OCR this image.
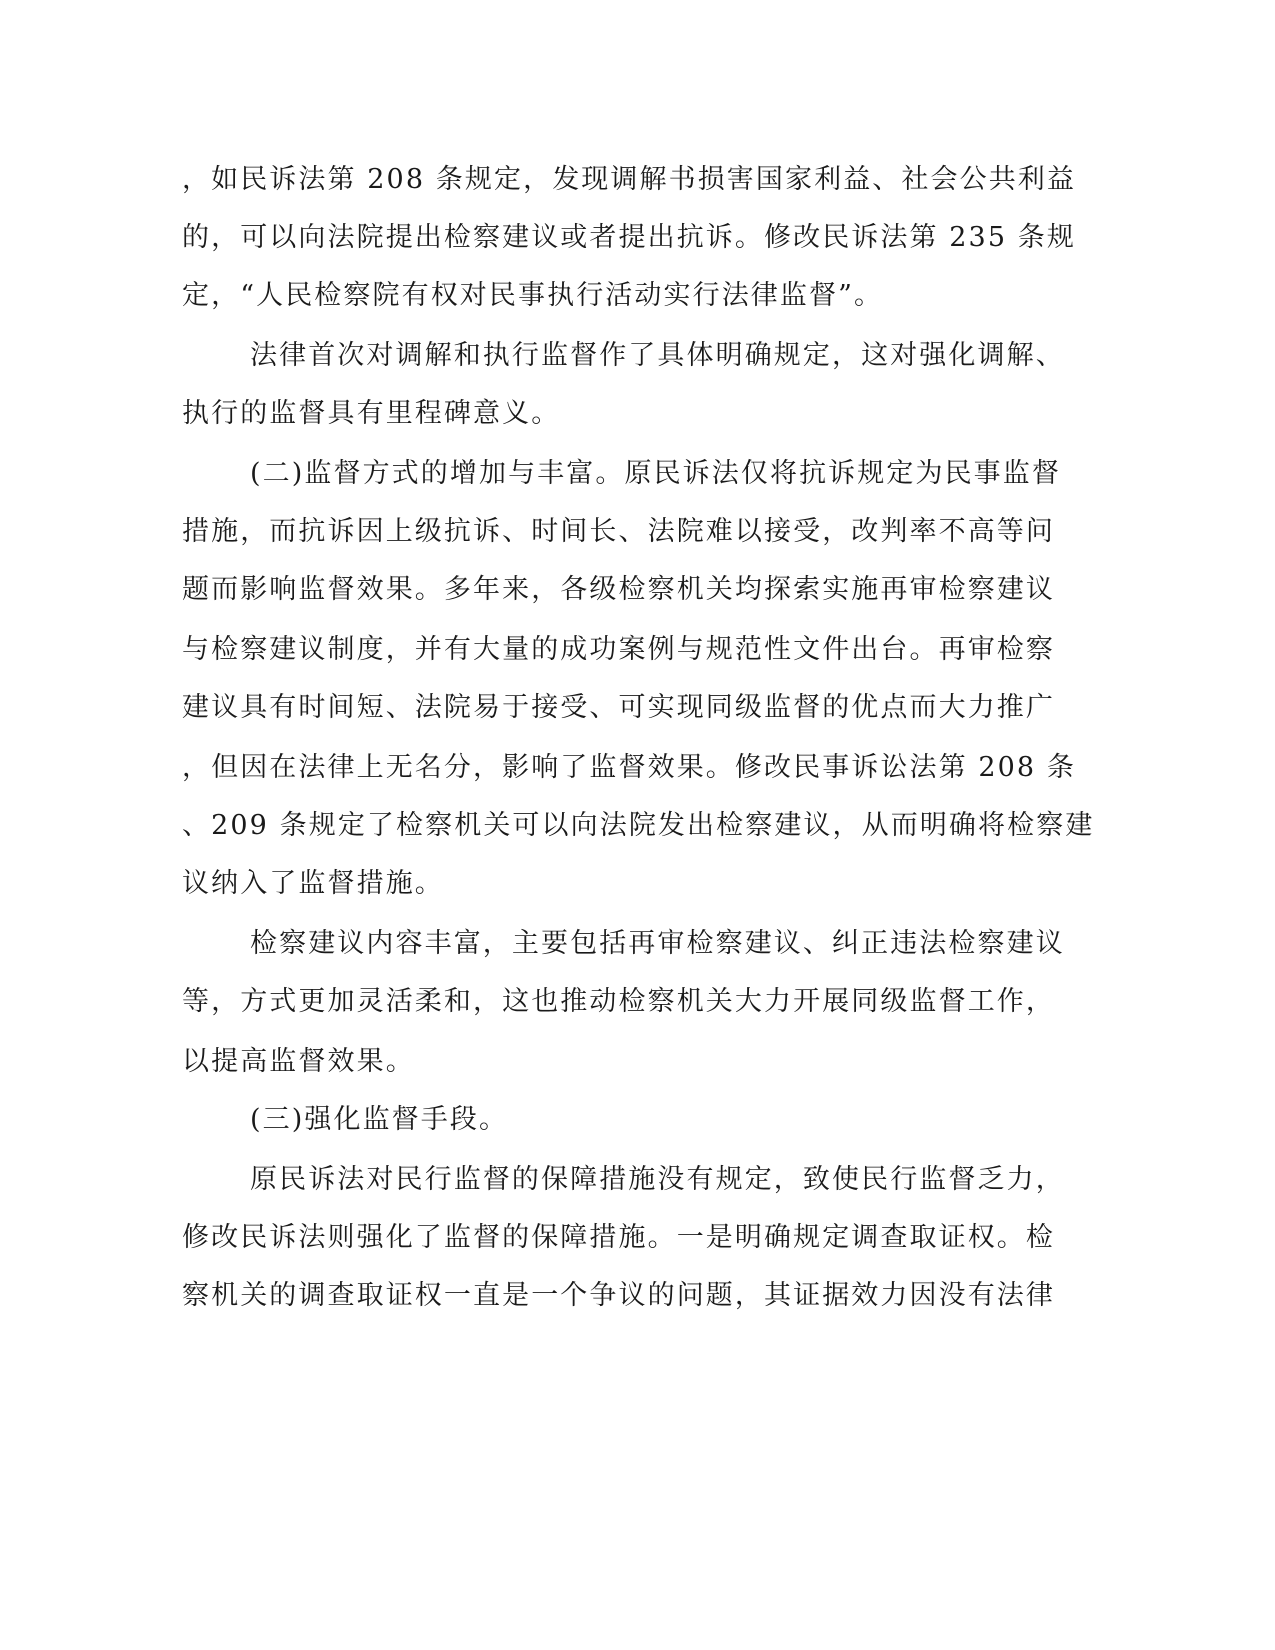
，如民诉法第 208 条规定，发现调解书损害国家利益、社会公共利益
的，可以向法院提出检察建议或者提出抗诉。修改民诉法第 235 条规
定，“人民检察院有权对民事执行活动实行法律监督”。
法律首次对调解和执行监督作了具体明确规定，这对强化调解、
执行的监督具有里程碑意义。
(二)监督方式的增加与丰富。原民诉法仅将抗诉规定为民事监督
措施，而抗诉因上级抗诉、时间长、法院难以接受，改判率不高等问
题而影响监督效果。多年来，各级检察机关均探索实施再审检察建议
与检察建议制度，并有大量的成功案例与规范性文件出台。再审检察
建议具有时间短、法院易于接受、可实现同级监督的优点而大力推广
，但因在法律上无名分，影响了监督效果。修改民事诉讼法第 208 条
、209 条规定了检察机关可以向法院发出检察建议，从而明确将检察建
议纳入了监督措施。
检察建议内容丰富，主要包括再审检察建议、纠正违法检察建议
等，方式更加灵活柔和，这也推动检察机关大力开展同级监督工作，
以提高监督效果。
(三)强化监督手段。
原民诉法对民行监督的保障措施没有规定，致使民行监督乏力，
修改民诉法则强化了监督的保障措施。一是明确规定调查取证权。检
察机关的调查取证权一直是一个争议的问题，其证据效力因没有法律
